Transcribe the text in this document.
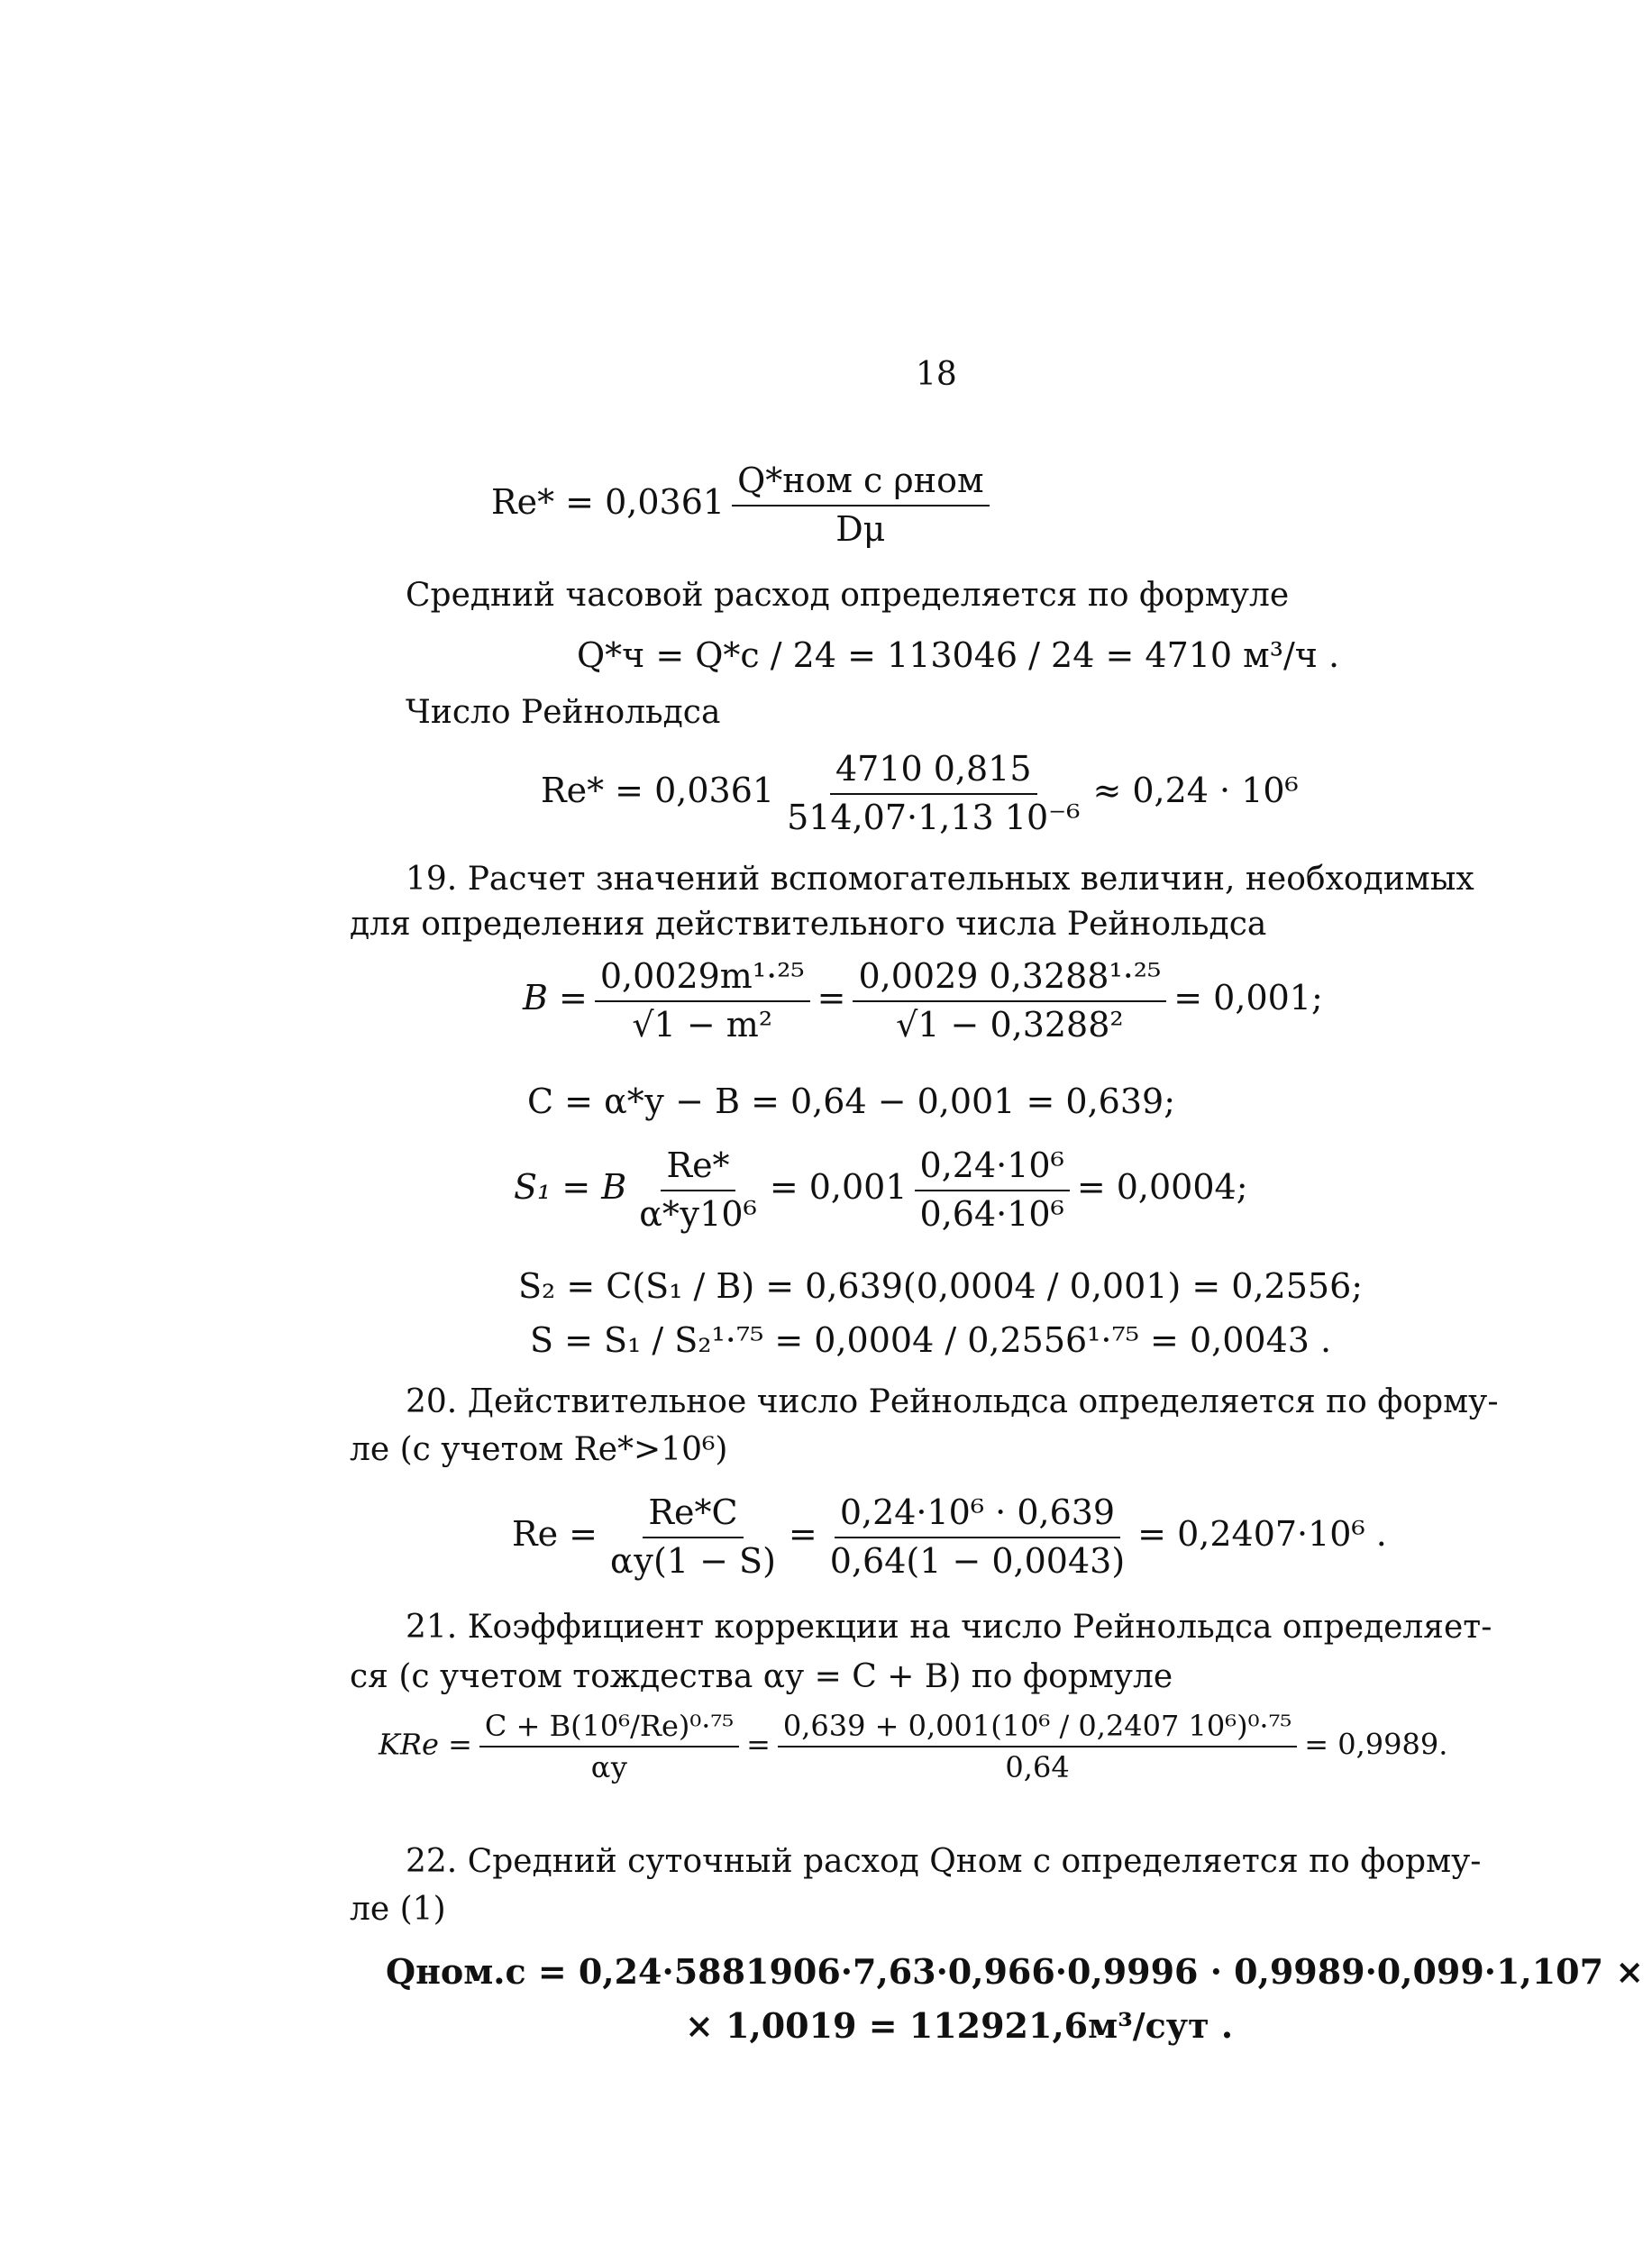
18
$Re* = 0,0361 \frac{\text{Q*ном с ρном}}{D\mu}$
Средний часовой расход определяется по формуле
Q*ч = Q*с / 24 = 113046 / 24 = 4710 м³/ч .
Число Рейнольдса
$Re* = 0,0361 \frac{4710 0,815}{\text{514,07·1,13 10⁻⁶}} \approx 0,24 \cdot 10^6$
19. Расчет значений вспомогательных величин, необходимых
для определения действительного числа Рейнольдса
$B = \frac{\text{0,0029m¹·²⁵}}{\text{√1 − m²}} = \frac{\text{0,0029 0,3288¹·²⁵}}{\text{√1 − 0,3288²}} = 0,001$;
C = α*у − B = 0,64 − 0,001 = 0,639;
S₁ = B $\frac{Re*}{\text{α*у10⁶}} = 0,001 \frac{\text{0,24·10⁶}}{\text{0,64·10⁶}} = 0,0004$;
S₂ = C(S₁ / B) = 0,639(0,0004 / 0,001) = 0,2556;
S = S₁ / S₂¹·⁷⁵ = 0,0004 / 0,2556¹·⁷⁵ = 0,0043 .
20. Действительное число Рейнольдса определяется по форму-
ле (с учетом Re*>10⁶)
$Re = \frac{Re*C}{\alpha у(1 - S)} = \frac{\text{0,24·10⁶ · 0,639}}{0,64(1 - 0,0043)} = 0,2407\cdot 10^6$ .
21. Коэффициент коррекции на число Рейнольдса определяет-
ся (с учетом тождества αу = C + B) по формуле
KRe = $\frac{\text{C + B(10⁶/Re)⁰·⁷⁵}}{\alpha у} = \frac{\text{0,639 + 0,001(10⁶ / 0,2407 10⁶)⁰·⁷⁵}}{0,64} = 0,9989$.
22. Средний суточный расход Qном с определяется по форму-
ле (1)
Qном.с = 0,24·5881906·7,63·0,966·0,9996 · 0,9989·0,099·1,107 ×
× 1,0019 = 112921,6м³/сут .
